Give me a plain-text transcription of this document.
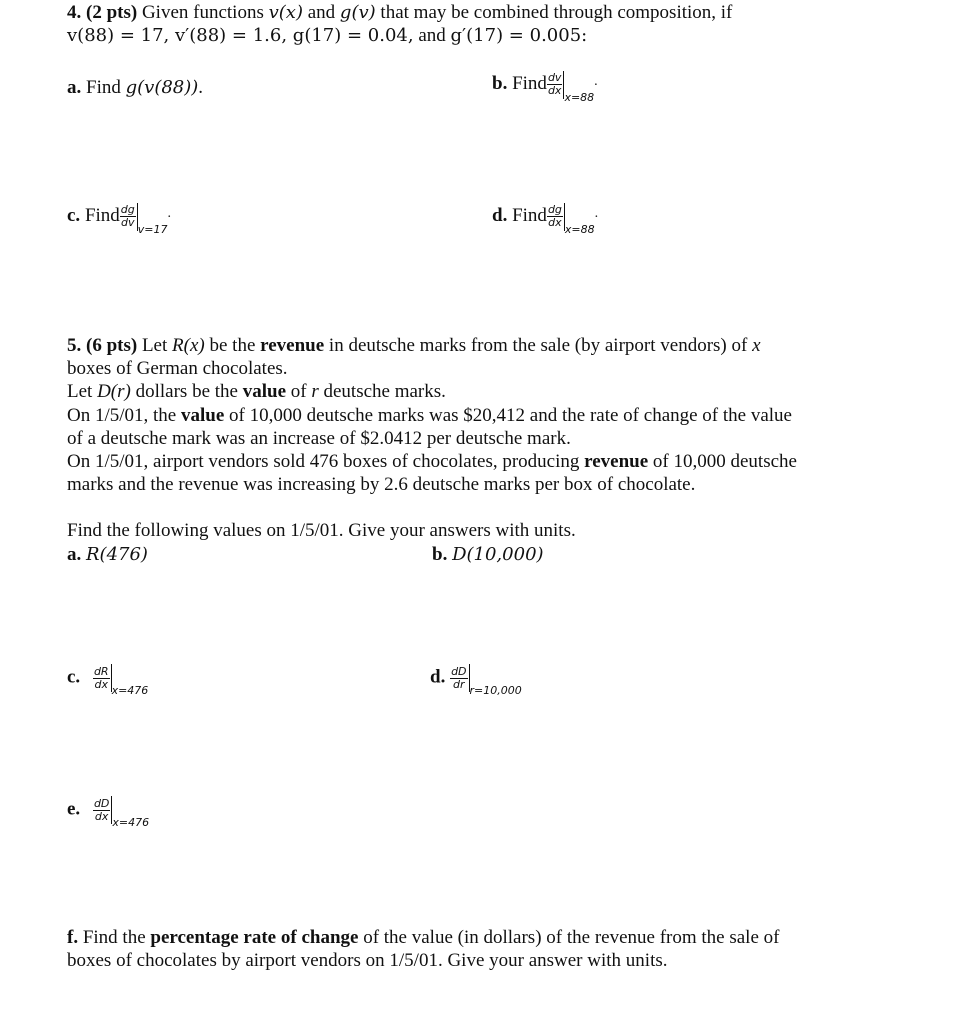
4. (2 pts) Given functions v(x) and g(v) that may be combined through composition, if
v(88) = 17, v′(88) = 1.6, g(17) = 0.04, and g′(17) = 0.005:
a. Find g(v(88)).	b. Find $\frac{dv}{dx}$
x=88.
c. Find $\frac{dg}{dv}$
v=17.	d. Find $\frac{dg}{dx}$
x=88.
5. (6 pts) Let R(x) be the revenue in deutsche marks from the sale (by airport vendors) of x
boxes of German chocolates.
Let D(r) dollars be the value of r deutsche marks.
On 1/5/01, the value of 10,000 deutsche marks was $20,412 and the rate of change of the value
of a deutsche mark was an increase of $2.0412 per deutsche mark.
On 1/5/01, airport vendors sold 476 boxes of chocolates, producing revenue of 10,000 deutsche
marks and the revenue was increasing by 2.6 deutsche marks per box of chocolate.
Find the following values on 1/5/01. Give your answers with units.
a. R(476)	b. D(10,000)
c. $\frac{dR}{dx}$
x=476
d. $\frac{dD}{dr}$
r=10,000
e. $\frac{dD}{dx}$
x=476
f. Find the percentage rate of change of the value (in dollars) of the revenue from the sale of
boxes of chocolates by airport vendors on 1/5/01. Give your answer with units.
